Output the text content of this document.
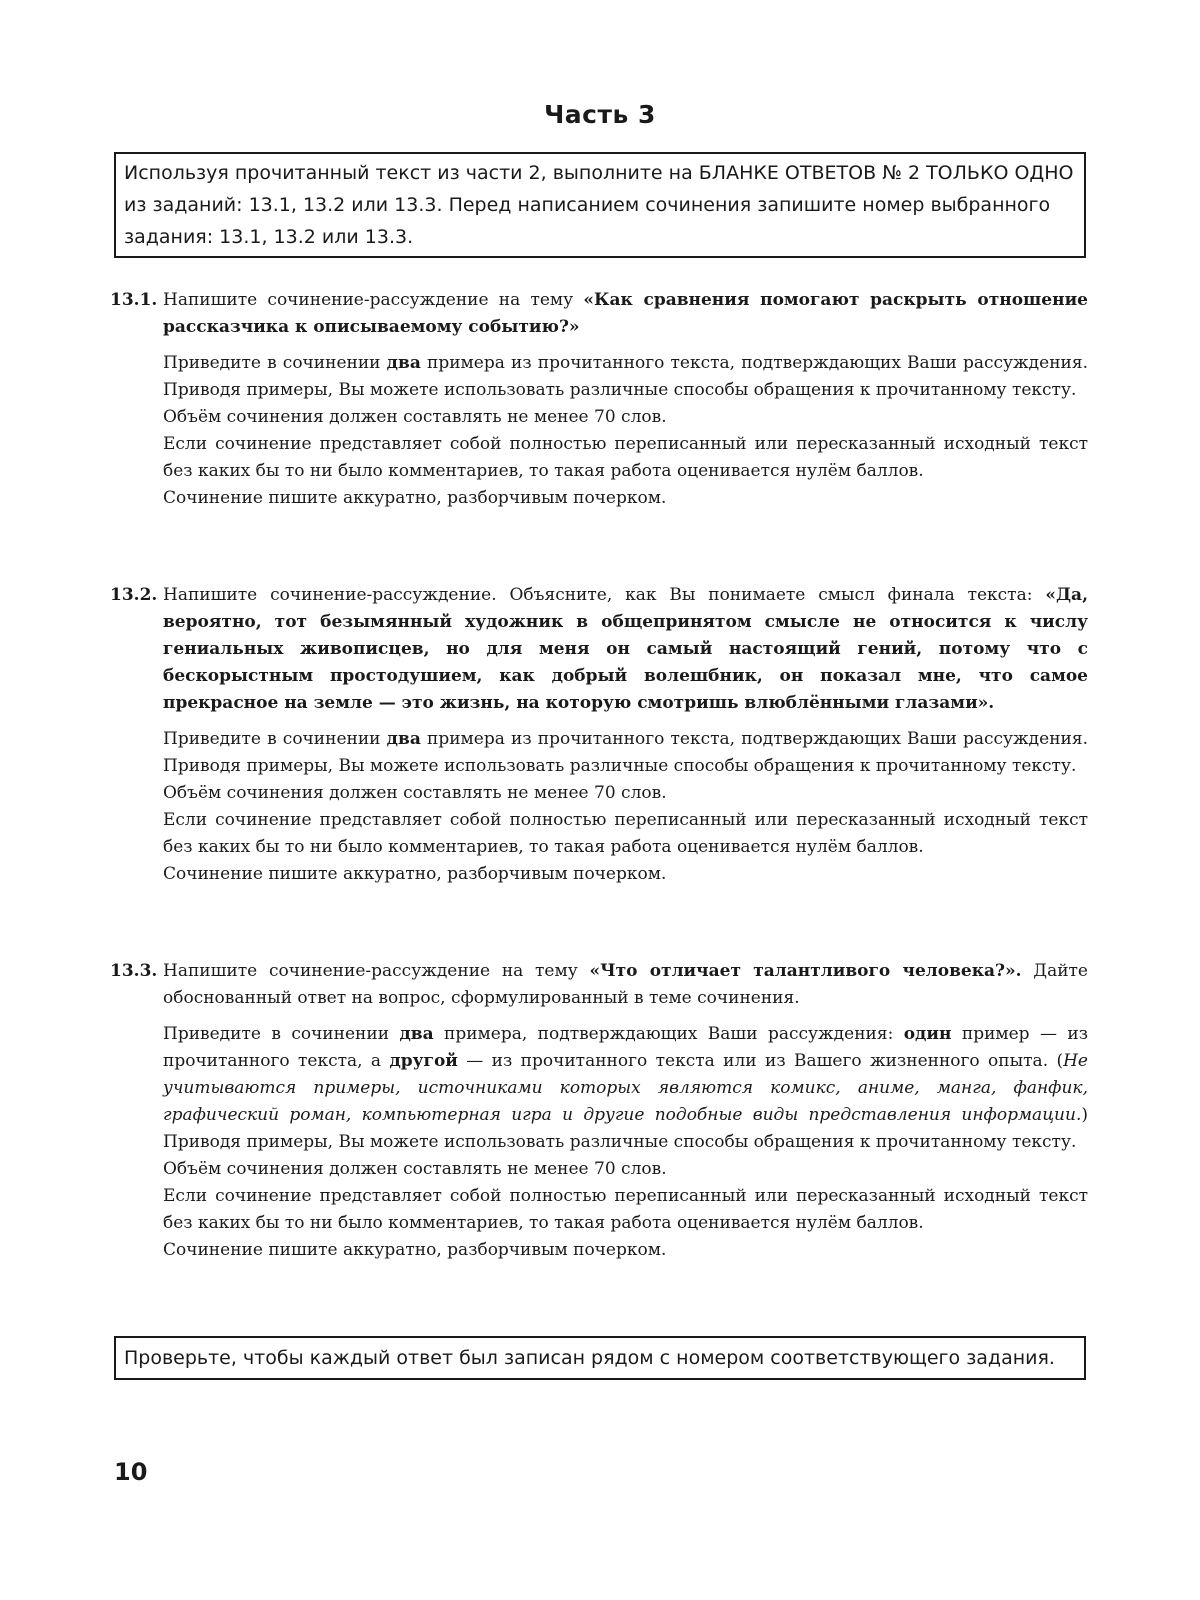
Часть 3
Используя прочитанный текст из части 2, выполните на БЛАНКЕ ОТВЕТОВ № 2 ТОЛЬКО ОДНО из заданий: 13.1, 13.2 или 13.3. Перед написанием сочинения запишите номер выбранного задания: 13.1, 13.2 или 13.3.
13.1. Напишите сочинение-рассуждение на тему «Как сравнения помогают раскрыть отношение рассказчика к описываемому событию?»

Приведите в сочинении два примера из прочитанного текста, подтверждающих Ваши рассуждения. Приводя примеры, Вы можете использовать различные способы обращения к прочитанному тексту.

Объём сочинения должен составлять не менее 70 слов.

Если сочинение представляет собой полностью переписанный или пересказанный исходный текст без каких бы то ни было комментариев, то такая работа оценивается нулём баллов.

Сочинение пишите аккуратно, разборчивым почерком.

13.2. Напишите сочинение-рассуждение. Объясните, как Вы понимаете смысл финала текста: «Да, вероятно, тот безымянный художник в общепринятом смысле не относится к числу гениальных живописцев, но для меня он самый настоящий гений, потому что с бескорыстным простодушием, как добрый волешбник, он показал мне, что самое прекрасное на земле — это жизнь, на которую смотришь влюблёнными глазами».

Приведите в сочинении два примера из прочитанного текста, подтверждающих Ваши рассуждения. Приводя примеры, Вы можете использовать различные способы обращения к прочитанному тексту.

Объём сочинения должен составлять не менее 70 слов.

Если сочинение представляет собой полностью переписанный или пересказанный исходный текст без каких бы то ни было комментариев, то такая работа оценивается нулём баллов.

Сочинение пишите аккуратно, разборчивым почерком.

13.3. Напишите сочинение-рассуждение на тему «Что отличает талантливого человека?». Дайте обоснованный ответ на вопрос, сформулированный в теме сочинения.

Приведите в сочинении два примера, подтверждающих Ваши рассуждения: один пример — из прочитанного текста, а другой — из прочитанного текста или из Вашего жизненного опыта. (Не учитываются примеры, источниками которых являются комикс, аниме, манга, фанфик, графический роман, компьютерная игра и другие подобные виды представления информации.) Приводя примеры, Вы можете использовать различные способы обращения к прочитанному тексту.

Объём сочинения должен составлять не менее 70 слов.

Если сочинение представляет собой полностью переписанный или пересказанный исходный текст без каких бы то ни было комментариев, то такая работа оценивается нулём баллов.

Сочинение пишите аккуратно, разборчивым почерком.

Проверьте, чтобы каждый ответ был записан рядом с номером соответствующего задания.
10
